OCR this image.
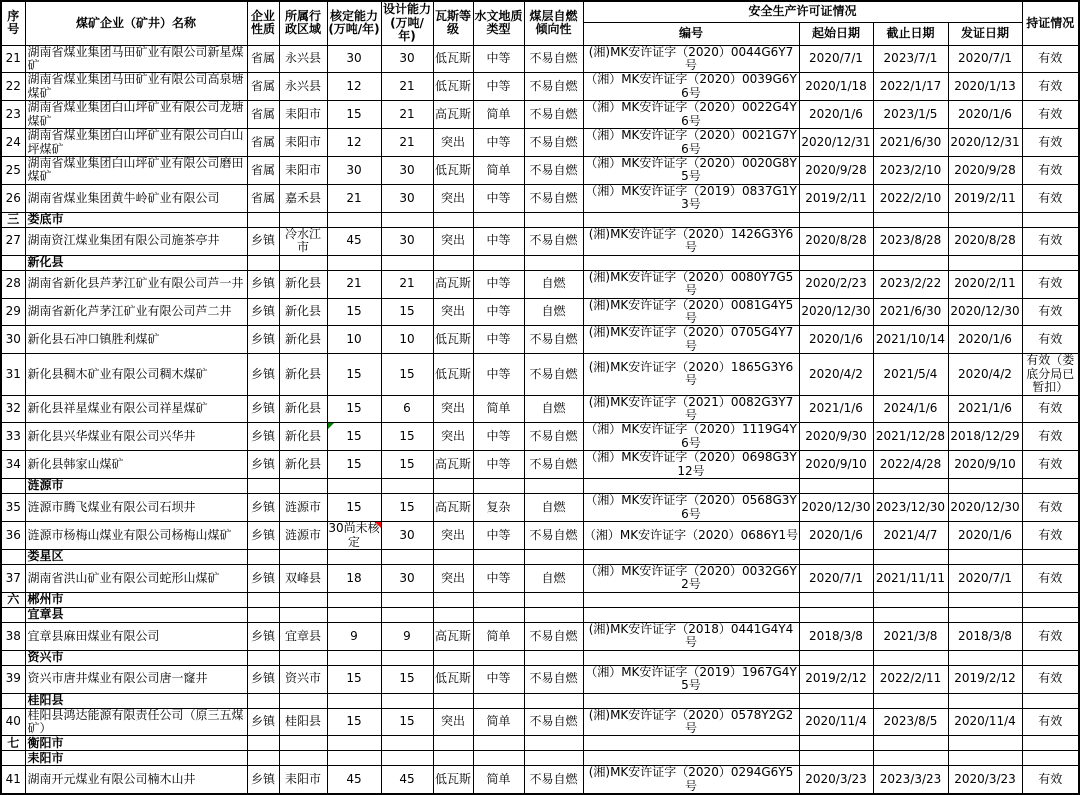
序号	煤矿企业（矿井）名称	企业性质	所属行政区域	核定能力(万吨/年)	设计能力(万吨/年)	瓦斯等级	水文地质类型	煤层自燃倾向性	安全生产许可证情况				持证情况
									编号	起始日期	截止日期	发证日期	
21	湖南省煤业集团马田矿业有限公司新星煤矿	省属	永兴县	30	30	低瓦斯	中等	不易自燃	(湘)MK安许证字（2020）0044G6Y7号	2020/7/1	2023/7/1	2020/7/1	有效
22	湖南省煤业集团马田矿业有限公司高泉塘煤矿	省属	永兴县	12	21	低瓦斯	中等	不易自燃	（湘）MK安许证字（2020）0039G6Y6号	2020/1/18	2022/1/17	2020/1/13	有效
23	湖南省煤业集团白山坪矿业有限公司龙塘煤矿	省属	耒阳市	15	21	高瓦斯	简单	不易自燃	（湘）MK安许证字（2020）0022G4Y6号	2020/1/6	2023/1/5	2020/1/6	有效
24	湖南省煤业集团白山坪矿业有限公司白山坪煤矿	省属	耒阳市	12	21	突出	中等	不易自燃	（湘）MK安许证字（2020）0021G7Y6号	2020/12/31	2021/6/30	2020/12/31	有效
25	湖南省煤业集团白山坪矿业有限公司磨田煤矿	省属	耒阳市	30	30	低瓦斯	简单	不易自燃	（湘）MK安许证字（2020）0020G8Y5号	2020/9/28	2023/2/10	2020/9/28	有效
26	湖南省煤业集团黄牛岭矿业有限公司	省属	嘉禾县	21	30	突出	中等	不易自燃	（湘）MK安许证字（2019）0837G1Y3号	2019/2/11	2022/2/10	2019/2/11	有效
三	娄底市												
27	湖南资江煤业集团有限公司施茶亭井	乡镇	冷水江市	45	30	突出	中等	不易自燃	(湘)MK安许证字（2020）1426G3Y6号	2020/8/28	2023/8/28	2020/8/28	有效
	新化县												
28	湖南省新化县芦茅江矿业有限公司芦一井	乡镇	新化县	21	21	高瓦斯	中等	自燃	(湘)MK安许证字（2020）0080Y7G5号	2020/2/23	2023/2/22	2020/2/11	有效
29	湖南省新化芦茅江矿业有限公司芦二井	乡镇	新化县	15	15	突出	中等	自燃	(湘)MK安许证字（2020）0081G4Y5号	2020/12/30	2021/6/30	2020/12/30	有效
30	新化县石冲口镇胜利煤矿	乡镇	新化县	10	10	低瓦斯	中等	不易自燃	(湘)MK安许证字（2020）0705G4Y7号	2020/1/6	2021/10/14	2020/1/6	有效
31	新化县稠木矿业有限公司稠木煤矿	乡镇	新化县	15	15	低瓦斯	中等	不易自燃	(湘)MK安许证字（2020）1865G3Y6号	2020/4/2	2021/5/4	2020/4/2	有效（娄底分局已暂扣）
32	新化县祥星煤业有限公司祥星煤矿	乡镇	新化县	15	6	突出	简单	自燃	(湘)MK安许证字（2021）0082G3Y7号	2021/1/6	2024/1/6	2021/1/6	有效
33	新化县兴华煤业有限公司兴华井	乡镇	新化县	15	15	突出	中等	不易自燃	（湘）MK安许证字（2020）1119G4Y6号	2020/9/30	2021/12/28	2018/12/29	有效
34	新化县韩家山煤矿	乡镇	新化县	15	15	高瓦斯	中等	不易自燃	（湘）MK安许证字（2020）0698G3Y12号	2020/9/10	2022/4/28	2020/9/10	有效
	涟源市												
35	涟源市腾飞煤业有限公司石坝井	乡镇	涟源市	15	15	高瓦斯	复杂	自燃	（湘）MK安许证字（2020）0568G3Y6号	2020/12/30	2023/12/30	2020/12/30	有效
36	涟源市杨梅山煤业有限公司杨梅山煤矿	乡镇	涟源市	30尚未核定	30	突出	中等	不易自燃	（湘）MK安许证字（2020）0686Y1号	2020/1/6	2021/4/7	2020/1/6	有效
	娄星区												
37	湖南省洪山矿业有限公司蛇形山煤矿	乡镇	双峰县	18	30	突出	中等	自燃	（湘）MK安许证字（2020）0032G6Y2号	2020/7/1	2021/11/11	2020/7/1	有效
六	郴州市												
	宜章县												
38	宜章县麻田煤业有限公司	乡镇	宜章县	9	9	高瓦斯	简单	不易自燃	(湘)MK安许证字（2018）0441G4Y4号	2018/3/8	2021/3/8	2018/3/8	有效
	资兴市												
39	资兴市唐井煤业有限公司唐一窿井	乡镇	资兴市	15	15	低瓦斯	中等	不易自燃	（湘）MK安许证字（2019）1967G4Y5号	2019/2/12	2022/2/11	2019/2/12	有效
	桂阳县												
40	桂阳县鸿达能源有限责任公司（原三五煤矿）	乡镇	桂阳县	15	15	突出	简单	不易自燃	(湘)MK安许证字（2020）0578Y2G2号	2020/11/4	2023/8/5	2020/11/4	有效
七	衡阳市												
	耒阳市												
41	湖南开元煤业有限公司楠木山井	乡镇	耒阳市	45	45	低瓦斯	简单	不易自燃	(湘)MK安许证字（2020）0294G6Y5号	2020/3/23	2023/3/23	2020/3/23	有效
